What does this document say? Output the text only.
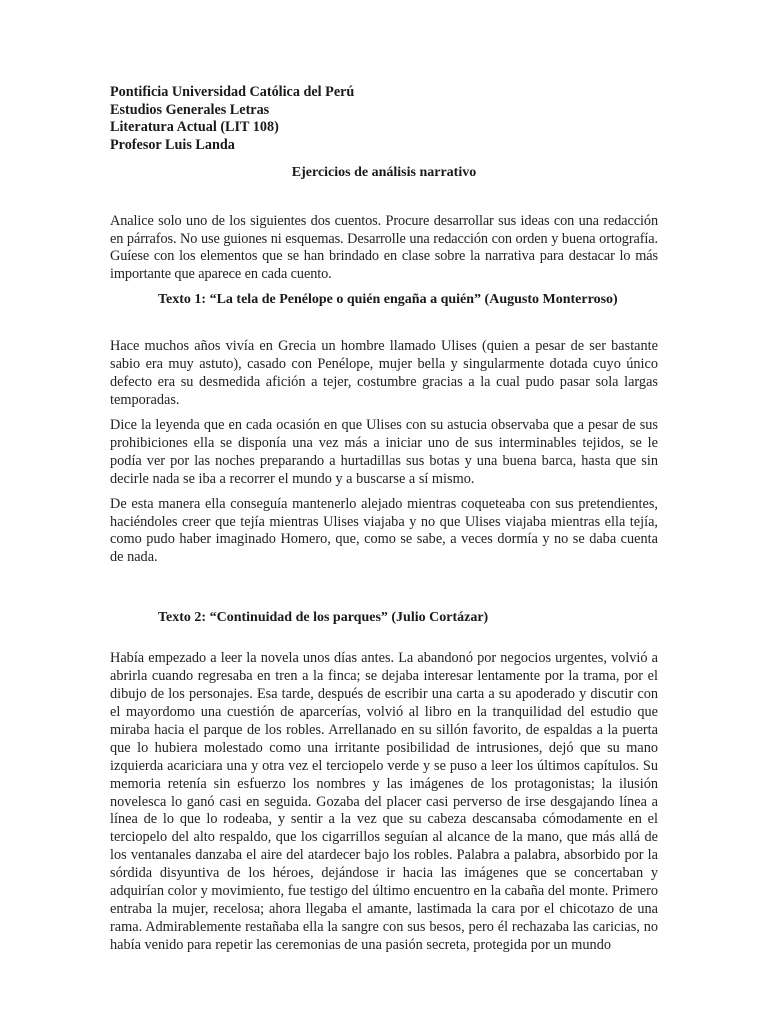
Pontificia Universidad Católica del Perú

Estudios Generales Letras

Literatura Actual (LIT 108)

Profesor Luis Landa

Ejercicios de análisis narrativo

Analice solo uno de los siguientes dos cuentos. Procure desarrollar sus ideas con una redacción en párrafos. No use guiones ni esquemas. Desarrolle una redacción con orden y buena ortografía. Guíese con los elementos que se han brindado en clase sobre la narrativa para destacar lo más importante que aparece en cada cuento.

Texto 1: “La tela de Penélope o quién engaña a quién” (Augusto Monterroso)

Hace muchos años vivía en Grecia un hombre llamado Ulises (quien a pesar de ser bastante sabio era muy astuto), casado con Penélope, mujer bella y singularmente dotada cuyo único defecto era su desmedida afición a tejer, costumbre gracias a la cual pudo pasar sola largas temporadas.

Dice la leyenda que en cada ocasión en que Ulises con su astucia observaba que a pesar de sus prohibiciones ella se disponía una vez más a iniciar uno de sus interminables tejidos, se le podía ver por las noches preparando a hurtadillas sus botas y una buena barca, hasta que sin decirle nada se iba a recorrer el mundo y a buscarse a sí mismo.

De esta manera ella conseguía mantenerlo alejado mientras coqueteaba con sus pretendientes, haciéndoles creer que tejía mientras Ulises viajaba y no que Ulises viajaba mientras ella tejía, como pudo haber imaginado Homero, que, como se sabe, a veces dormía y no se daba cuenta de nada.

Texto 2: “Continuidad de los parques” (Julio Cortázar)

Había empezado a leer la novela unos días antes. La abandonó por negocios urgentes, volvió a abrirla cuando regresaba en tren a la finca; se dejaba interesar lentamente por la trama, por el dibujo de los personajes. Esa tarde, después de escribir una carta a su apoderado y discutir con el mayordomo una cuestión de aparcerías, volvió al libro en la tranquilidad del estudio que miraba hacia el parque de los robles. Arrellanado en su sillón favorito, de espaldas a la puerta que lo hubiera molestado como una irritante posibilidad de intrusiones, dejó que su mano izquierda acariciara una y otra vez el terciopelo verde y se puso a leer los últimos capítulos. Su memoria retenía sin esfuerzo los nombres y las imágenes de los protagonistas; la ilusión novelesca lo ganó casi en seguida. Gozaba del placer casi perverso de irse desgajando línea a línea de lo que lo rodeaba, y sentir a la vez que su cabeza descansaba cómodamente en el terciopelo del alto respaldo, que los cigarrillos seguían al alcance de la mano, que más allá de los ventanales danzaba el aire del atardecer bajo los robles. Palabra a palabra, absorbido por la sórdida disyuntiva de los héroes, dejándose ir hacia las imágenes que se concertaban y adquirían color y movimiento, fue testigo del último encuentro en la cabaña del monte. Primero entraba la mujer, recelosa; ahora llegaba el amante, lastimada la cara por el chicotazo de una rama. Admirablemente restañaba ella la sangre con sus besos, pero él rechazaba las caricias, no había venido para repetir las ceremonias de una pasión secreta, protegida por un mundo
